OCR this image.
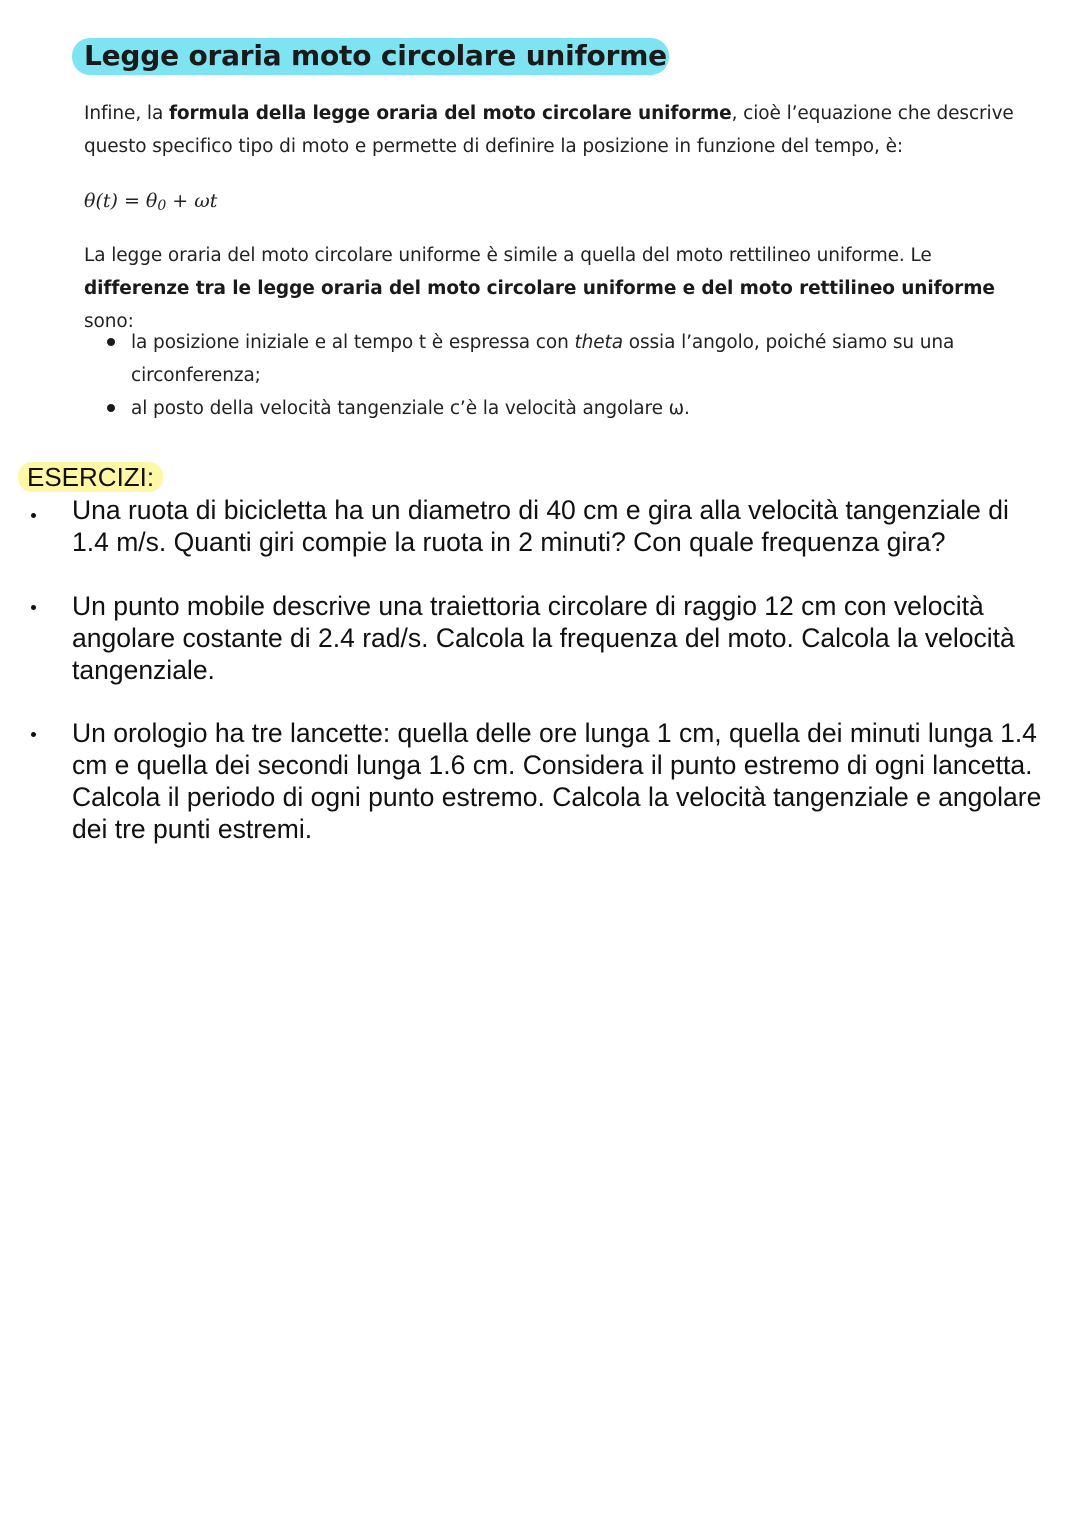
Legge oraria moto circolare uniforme
Infine, la formula della legge oraria del moto circolare uniforme, cioè l’equazione che descrive questo specifico tipo di moto e permette di definire la posizione in funzione del tempo, è:
$\theta(t) = \theta_0 + \omega t$
La legge oraria del moto circolare uniforme è simile a quella del moto rettilineo uniforme. Le differenze tra le legge oraria del moto circolare uniforme e del moto rettilineo uniforme sono:
la posizione iniziale e al tempo t è espressa con theta ossia l’angolo, poiché siamo su una circonferenza;
al posto della velocità tangenziale c’è la velocità angolare ω.
ESERCIZI:
Una ruota di bicicletta ha un diametro di 40 cm e gira alla velocità tangenziale di 1.4 m/s. Quanti giri compie la ruota in 2 minuti? Con quale frequenza gira?
Un punto mobile descrive una traiettoria circolare di raggio 12 cm con velocità angolare costante di 2.4 rad/s. Calcola la frequenza del moto. Calcola la velocità tangenziale.
Un orologio ha tre lancette: quella delle ore lunga 1 cm, quella dei minuti lunga 1.4 cm e quella dei secondi lunga 1.6 cm. Considera il punto estremo di ogni lancetta. Calcola il periodo di ogni punto estremo. Calcola la velocità tangenziale e angolare dei tre punti estremi.
